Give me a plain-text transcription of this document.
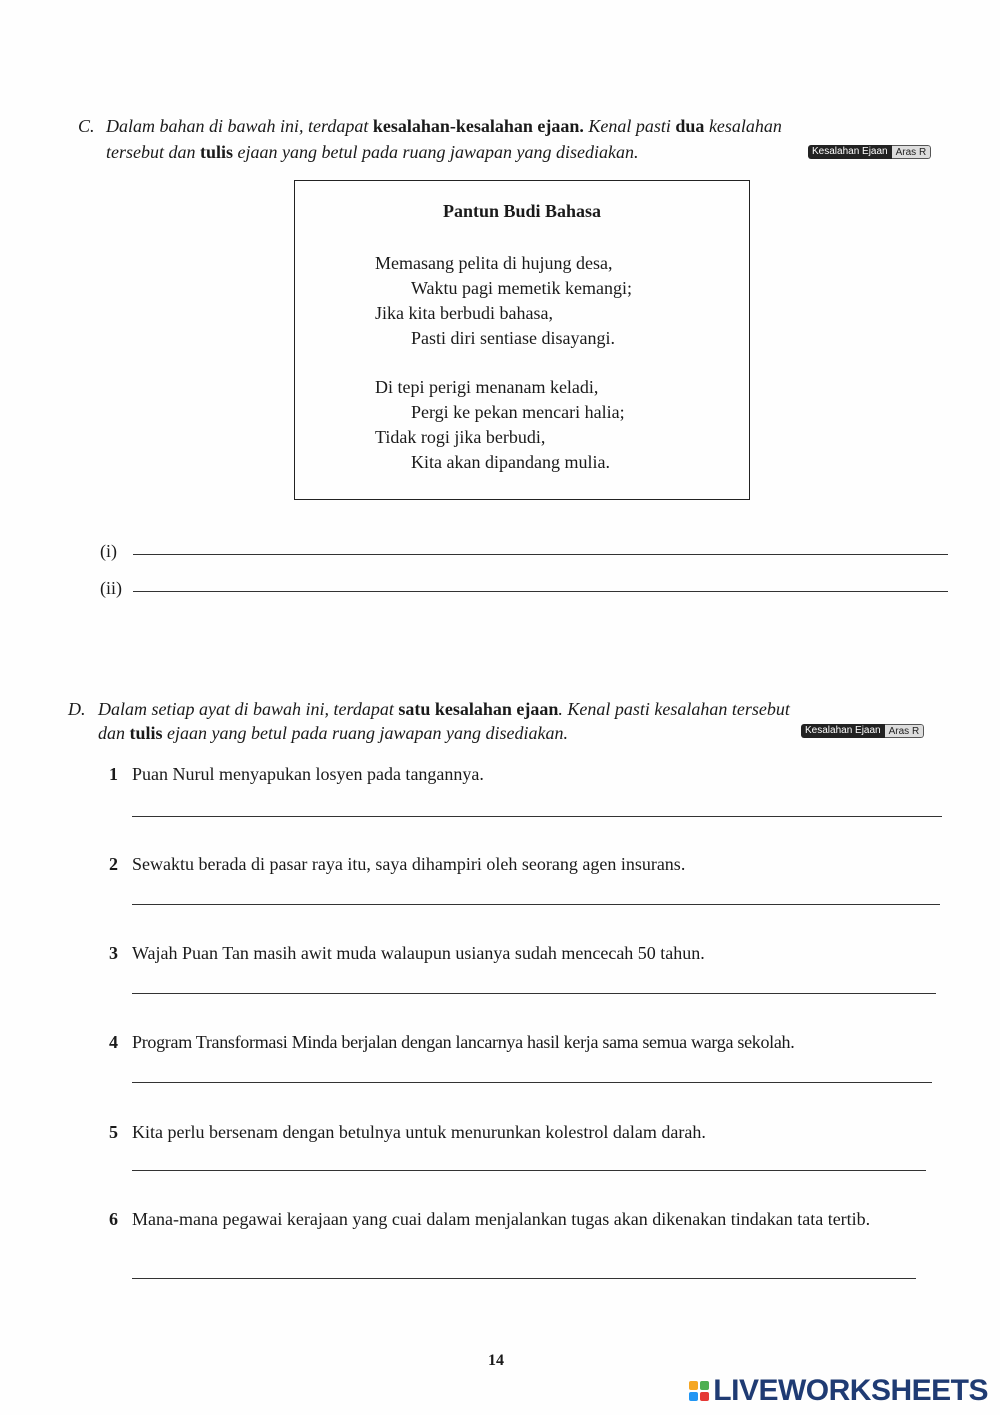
C. Dalam bahan di bawah ini, terdapat kesalahan-kesalahan ejaan. Kenal pasti dua kesalahan
tersebut dan tulis ejaan yang betul pada ruang jawapan yang disediakan.	Kesalahan Ejaan Aras R
Pantun Budi Bahasa
Memasang pelita di hujung desa,
Waktu pagi memetik kemangi;
Jika kita berbudi bahasa,
Pasti diri sentiase disayangi.
Di tepi perigi menanam keladi,
Pergi ke pekan mencari halia;
Tidak rogi jika berbudi,
Kita akan dipandang mulia.
(i)
(ii)
D. Dalam setiap ayat di bawah ini, terdapat satu kesalahan ejaan. Kenal pasti kesalahan tersebut
dan tulis ejaan yang betul pada ruang jawapan yang disediakan.	Kesalahan Ejaan Aras R
1 Puan Nurul menyapukan losyen pada tangannya.
2 Sewaktu berada di pasar raya itu, saya dihampiri oleh seorang agen insurans.
3 Wajah Puan Tan masih awit muda walaupun usianya sudah mencecah 50 tahun.
4 Program Transformasi Minda berjalan dengan lancarnya hasil kerja sama semua warga sekolah.
5 Kita perlu bersenam dengan betulnya untuk menurunkan kolestrol dalam darah.
6 Mana-mana pegawai kerajaan yang cuai dalam menjalankan tugas akan dikenakan tindakan tata tertib.
14
LIVEWORKSHEETS
